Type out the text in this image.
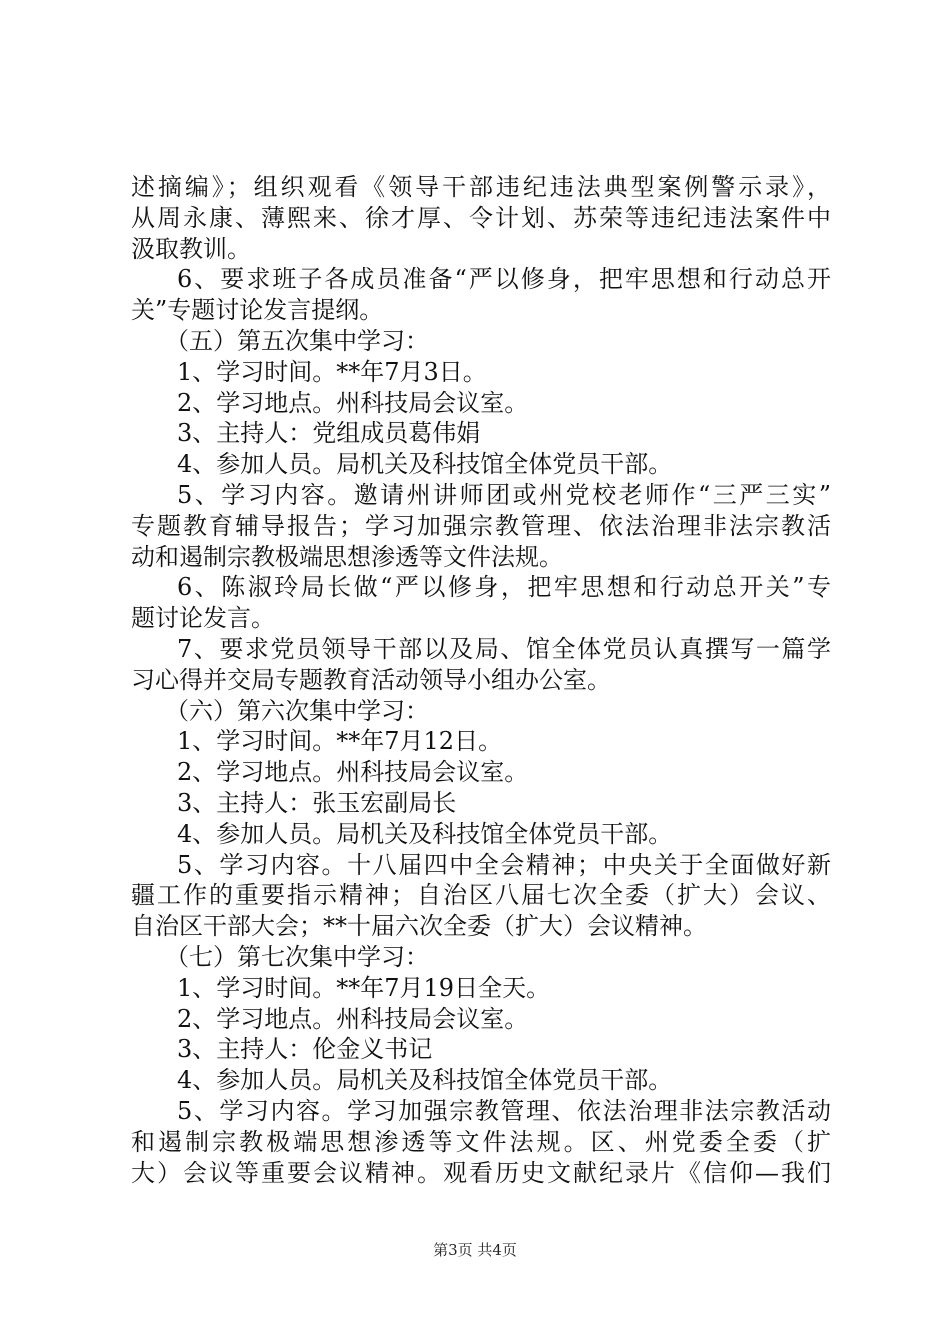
述摘编》；组织观看《领导干部违纪违法典型案例警示录》，
从周永康、薄熙来、徐才厚、令计划、苏荣等违纪违法案件中
汲取教训。
6、要求班子各成员准备“严以修身，把牢思想和行动总开
关”专题讨论发言提纲。
（五）第五次集中学习：
1、学习时间。**年7月3日。
2、学习地点。州科技局会议室。
3、主持人：党组成员葛伟娟
4、参加人员。局机关及科技馆全体党员干部。
5、学习内容。邀请州讲师团或州党校老师作“三严三实”
专题教育辅导报告；学习加强宗教管理、依法治理非法宗教活
动和遏制宗教极端思想渗透等文件法规。
6、陈淑玲局长做“严以修身，把牢思想和行动总开关”专
题讨论发言。
7、要求党员领导干部以及局、馆全体党员认真撰写一篇学
习心得并交局专题教育活动领导小组办公室。
（六）第六次集中学习：
1、学习时间。**年7月12日。
2、学习地点。州科技局会议室。
3、主持人：张玉宏副局长
4、参加人员。局机关及科技馆全体党员干部。
5、学习内容。十八届四中全会精神；中央关于全面做好新
疆工作的重要指示精神；自治区八届七次全委（扩大）会议、
自治区干部大会；**十届六次全委（扩大）会议精神。
（七）第七次集中学习：
1、学习时间。**年7月19日全天。
2、学习地点。州科技局会议室。
3、主持人：伦金义书记
4、参加人员。局机关及科技馆全体党员干部。
5、学习内容。学习加强宗教管理、依法治理非法宗教活动
和遏制宗教极端思想渗透等文件法规。区、州党委全委（扩
大）会议等重要会议精神。观看历史文献纪录片《信仰—我们
第3页 共4页
